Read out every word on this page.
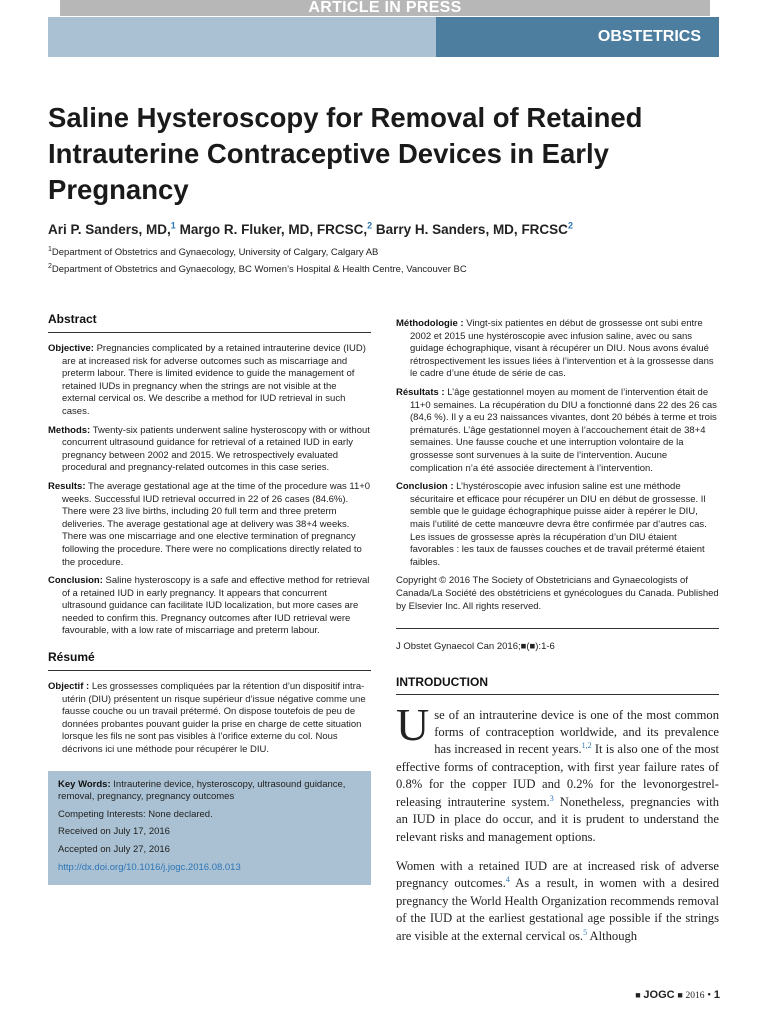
ARTICLE IN PRESS
OBSTETRICS
Saline Hysteroscopy for Removal of Retained Intrauterine Contraceptive Devices in Early Pregnancy
Ari P. Sanders, MD,$^1$ Margo R. Fluker, MD, FRCSC,$^2$ Barry H. Sanders, MD, FRCSC$^2$
$^1$Department of Obstetrics and Gynaecology, University of Calgary, Calgary AB
$^2$Department of Obstetrics and Gynaecology, BC Women’s Hospital & Health Centre, Vancouver BC
Abstract

Objective: Pregnancies complicated by a retained intrauterine device (IUD) are at increased risk for adverse outcomes such as miscarriage and preterm labour. There is limited evidence to guide the management of retained IUDs in pregnancy when the strings are not visible at the external cervical os. We describe a method for IUD retrieval in such cases.

Methods: Twenty-six patients underwent saline hysteroscopy with or without concurrent ultrasound guidance for retrieval of a retained IUD in early pregnancy between 2002 and 2015. We retrospectively evaluated procedural and pregnancy-related outcomes in this case series.

Results: The average gestational age at the time of the procedure was 11+0 weeks. Successful IUD retrieval occurred in 22 of 26 cases (84.6%). There were 23 live births, including 20 full term and three preterm deliveries. The average gestational age at delivery was 38+4 weeks. There was one miscarriage and one elective termination of pregnancy following the procedure. There were no complications directly related to the procedure.

Conclusion: Saline hysteroscopy is a safe and effective method for retrieval of a retained IUD in early pregnancy. It appears that concurrent ultrasound guidance can facilitate IUD localization, but more cases are needed to confirm this. Pregnancy outcomes after IUD retrieval were favourable, with a low rate of miscarriage and preterm labour.

Résumé

Objectif : Les grossesses compliquées par la rétention d’un dispositif intra-utérin (DIU) présentent un risque supérieur d’issue négative comme une fausse couche ou un travail prétermé. On dispose toutefois de peu de données probantes pouvant guider la prise en charge de cette situation lorsque les fils ne sont pas visibles à l’orifice externe du col. Nous décrivons ici une méthode pour récupérer le DIU.

Key Words: Intrauterine device, hysteroscopy, ultrasound guidance, removal, pregnancy, pregnancy outcomes
Competing Interests: None declared.
Received on July 17, 2016
Accepted on July 27, 2016
http://dx.doi.org/10.1016/j.jogc.2016.08.013

Méthodologie : Vingt-six patientes en début de grossesse ont subi entre 2002 et 2015 une hystéroscopie avec infusion saline, avec ou sans guidage échographique, visant à récupérer un DIU. Nous avons évalué rétrospectivement les issues liées à l’intervention et à la grossesse dans le cadre d’une étude de série de cas.

Résultats : L’âge gestationnel moyen au moment de l’intervention était de 11+0 semaines. La récupération du DIU a fonctionné dans 22 des 26 cas (84,6 %). Il y a eu 23 naissances vivantes, dont 20 bébés à terme et trois prématurés. L’âge gestationnel moyen à l’accouchement était de 38+4 semaines. Une fausse couche et une interruption volontaire de la grossesse sont survenues à la suite de l’intervention. Aucune complication n’a été associée directement à l’intervention.

Conclusion : L’hystéroscopie avec infusion saline est une méthode sécuritaire et efficace pour récupérer un DIU en début de grossesse. Il semble que le guidage échographique puisse aider à repérer le DIU, mais l’utilité de cette manœuvre devra être confirmée par d’autres cas. Les issues de grossesse après la récupération d’un DIU étaient favorables : les taux de fausses couches et de travail prétermé étaient faibles.

Copyright © 2016 The Society of Obstetricians and Gynaecologists of Canada/La Société des obstétriciens et gynécologues du Canada. Published by Elsevier Inc. All rights reserved.

J Obstet Gynaecol Can 2016;■(■):1-6

INTRODUCTION

Use of an intrauterine device is one of the most common forms of contraception worldwide, and its prevalence has increased in recent years.$^{1,2}$ It is also one of the most effective forms of contraception, with first year failure rates of 0.8% for the copper IUD and 0.2% for the levonorgestrel-releasing intrauterine system.$^3$ Nonetheless, pregnancies with an IUD in place do occur, and it is prudent to understand the relevant risks and management options.

Women with a retained IUD are at increased risk of adverse pregnancy outcomes.$^4$ As a result, in women with a desired pregnancy the World Health Organization recommends removal of the IUD at the earliest gestational age possible if the strings are visible at the external cervical os.$^5$ Although

■ JOGC ■ 2016 • 1
